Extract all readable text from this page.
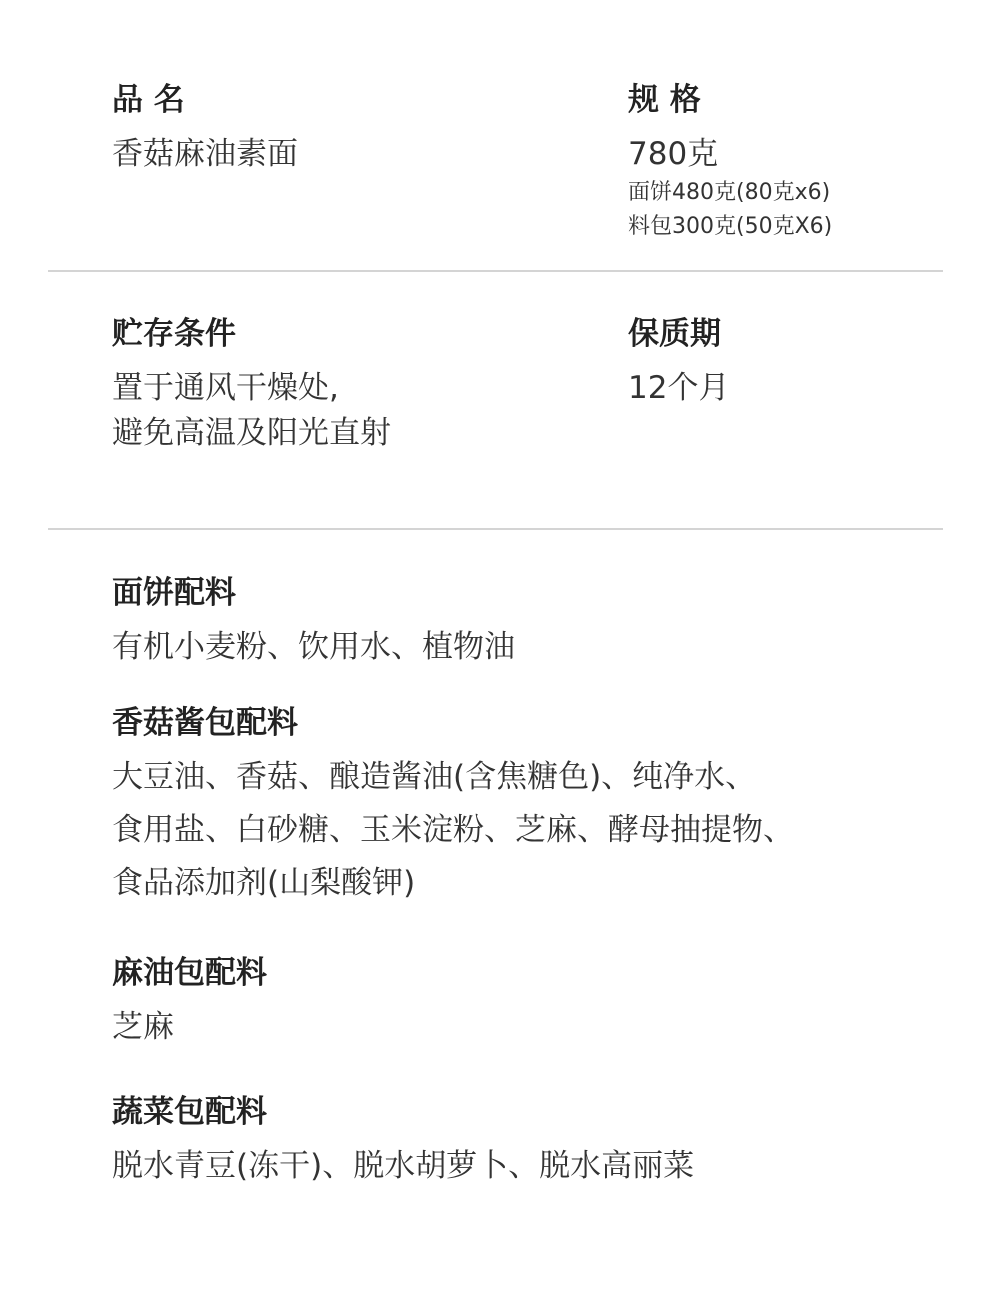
品 名
香菇麻油素面
规 格
780克
面饼480克(80克x6)
料包300克(50克X6)
贮存条件
置于通风干燥处,
避免高温及阳光直射
保质期
12个月
面饼配料
有机小麦粉、饮用水、植物油
香菇酱包配料
大豆油、香菇、酿造酱油(含焦糖色)、纯净水、
食用盐、白砂糖、玉米淀粉、芝麻、酵母抽提物、
食品添加剂(山梨酸钾)
麻油包配料
芝麻
蔬菜包配料
脱水青豆(冻干)、脱水胡萝卜、脱水高丽菜
